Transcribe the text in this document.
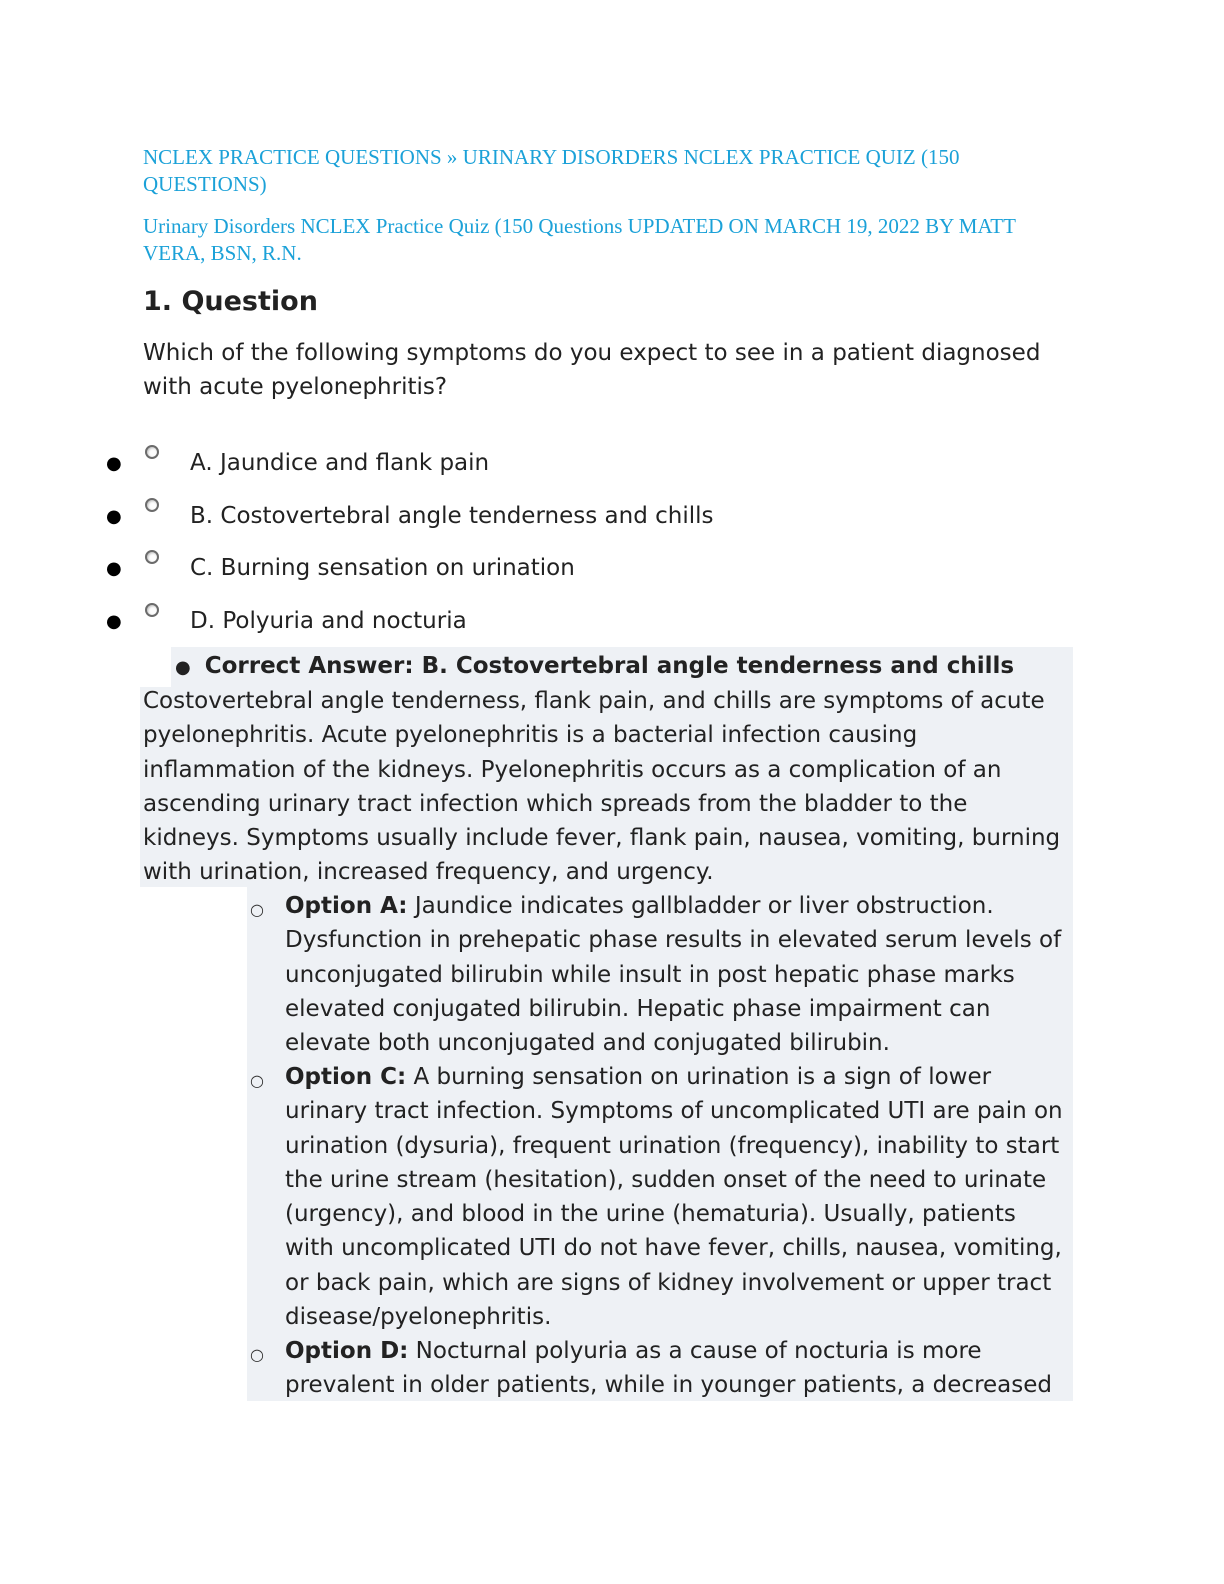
NCLEX PRACTICE QUESTIONS » URINARY DISORDERS NCLEX PRACTICE QUIZ (150 QUESTIONS)
Urinary Disorders NCLEX Practice Quiz (150 Questions UPDATED ON MARCH 19, 2022 BY MATT VERA, BSN, R.N.
1. Question

Which of the following symptoms do you expect to see in a patient diagnosed with acute pyelonephritis?

●	A. Jaundice and flank pain
●	B. Costovertebral angle tenderness and chills
●	C. Burning sensation on urination
●	D. Polyuria and nocturia
● Correct Answer: B. Costovertebral angle tenderness and chills

Costovertebral angle tenderness, flank pain, and chills are symptoms of acute pyelonephritis. Acute pyelonephritis is a bacterial infection causing inflammation of the kidneys. Pyelonephritis occurs as a complication of an ascending urinary tract infection which spreads from the bladder to the kidneys. Symptoms usually include fever, flank pain, nausea, vomiting, burning with urination, increased frequency, and urgency.

○ Option A: Jaundice indicates gallbladder or liver obstruction. Dysfunction in prehepatic phase results in elevated serum levels of unconjugated bilirubin while insult in post hepatic phase marks elevated conjugated bilirubin. Hepatic phase impairment can elevate both unconjugated and conjugated bilirubin.

○ Option C: A burning sensation on urination is a sign of lower urinary tract infection. Symptoms of uncomplicated UTI are pain on urination (dysuria), frequent urination (frequency), inability to start the urine stream (hesitation), sudden onset of the need to urinate (urgency), and blood in the urine (hematuria). Usually, patients with uncomplicated UTI do not have fever, chills, nausea, vomiting, or back pain, which are signs of kidney involvement or upper tract disease/pyelonephritis.

○ Option D: Nocturnal polyuria as a cause of nocturia is more prevalent in older patients, while in younger patients, a decreased
